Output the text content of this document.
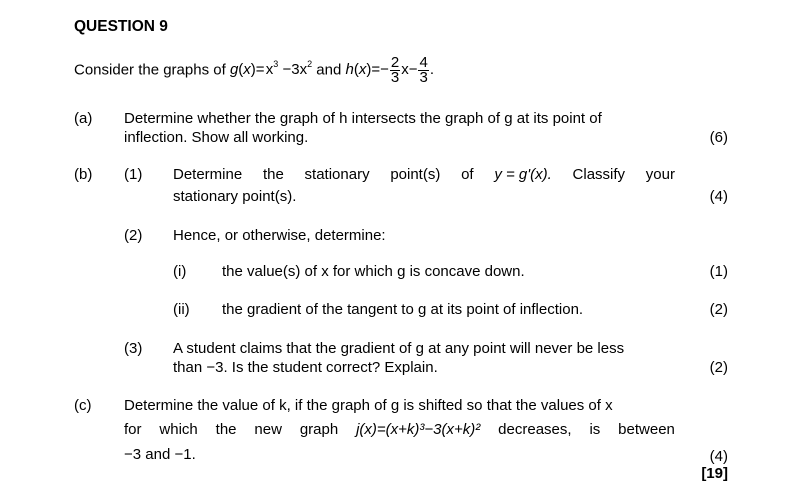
QUESTION 9
Consider the graphs of g(x)= $x^3 -3x^2$ and $h(x)=- \frac{2}{3} x- \frac{4}{3}$ .
(a) Determine whether the graph of h intersects the graph of g at its point of
inflection. Show all working.	(6)
(b) (1) Determine the stationary point(s) of y = g'(x). Classify your
stationary point(s).	(4)
(2) Hence, or otherwise, determine:
(i) the value(s) of x for which g is concave down.	(1)
(ii) the gradient of the tangent to g at its point of inflection.	(2)
(3) A student claims that the gradient of g at any point will never be less
than −3. Is the student correct? Explain.	(2)
(c) Determine the value of k, if the graph of g is shifted so that the values of x
for which the new graph j(x)=(x+k)³−3(x+k)² decreases, is between
−3 and −1.	(4)
[19]
